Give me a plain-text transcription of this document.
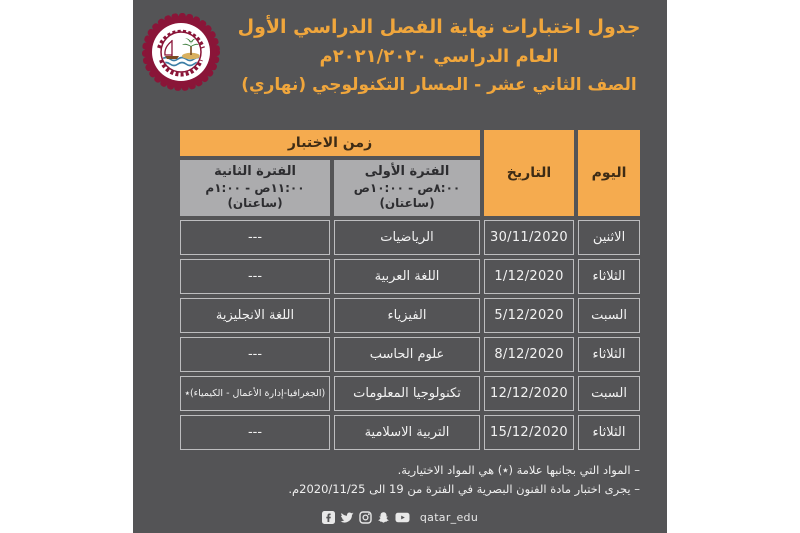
جدول اختبارات نهاية الفصل الدراسي الأول
العام الدراسي ٢٠٢١/٢٠٢٠م
الصف الثاني عشر - المسار التكنولوجي (نهاري)
اليوم
التاريخ
زمن الاختبار
الفترة الأولى
٨:٠٠ص - ١٠:٠٠ص
(ساعتان)
الفترة الثانية
١١:٠٠ص - ١:٠٠م
(ساعتان)
الاثنين
30/11/2020
الرياضيات
---
الثلاثاء
1/12/2020
اللغة العربية
---
السبت
5/12/2020
الفيزياء
اللغة الانجليزية
الثلاثاء
8/12/2020
علوم الحاسب
---
السبت
12/12/2020
تكنولوجيا المعلومات
(الجغرافيا-إدارة الأعمال - الكيمياء)٭
الثلاثاء
15/12/2020
التربية الاسلامية
---
– المواد التي بجانبها علامة (٭) هي المواد الاختيارية.
– يجرى اختبار مادة الفنون البصرية في الفترة من 19 الى 2020/11/25م.
qatar_edu
